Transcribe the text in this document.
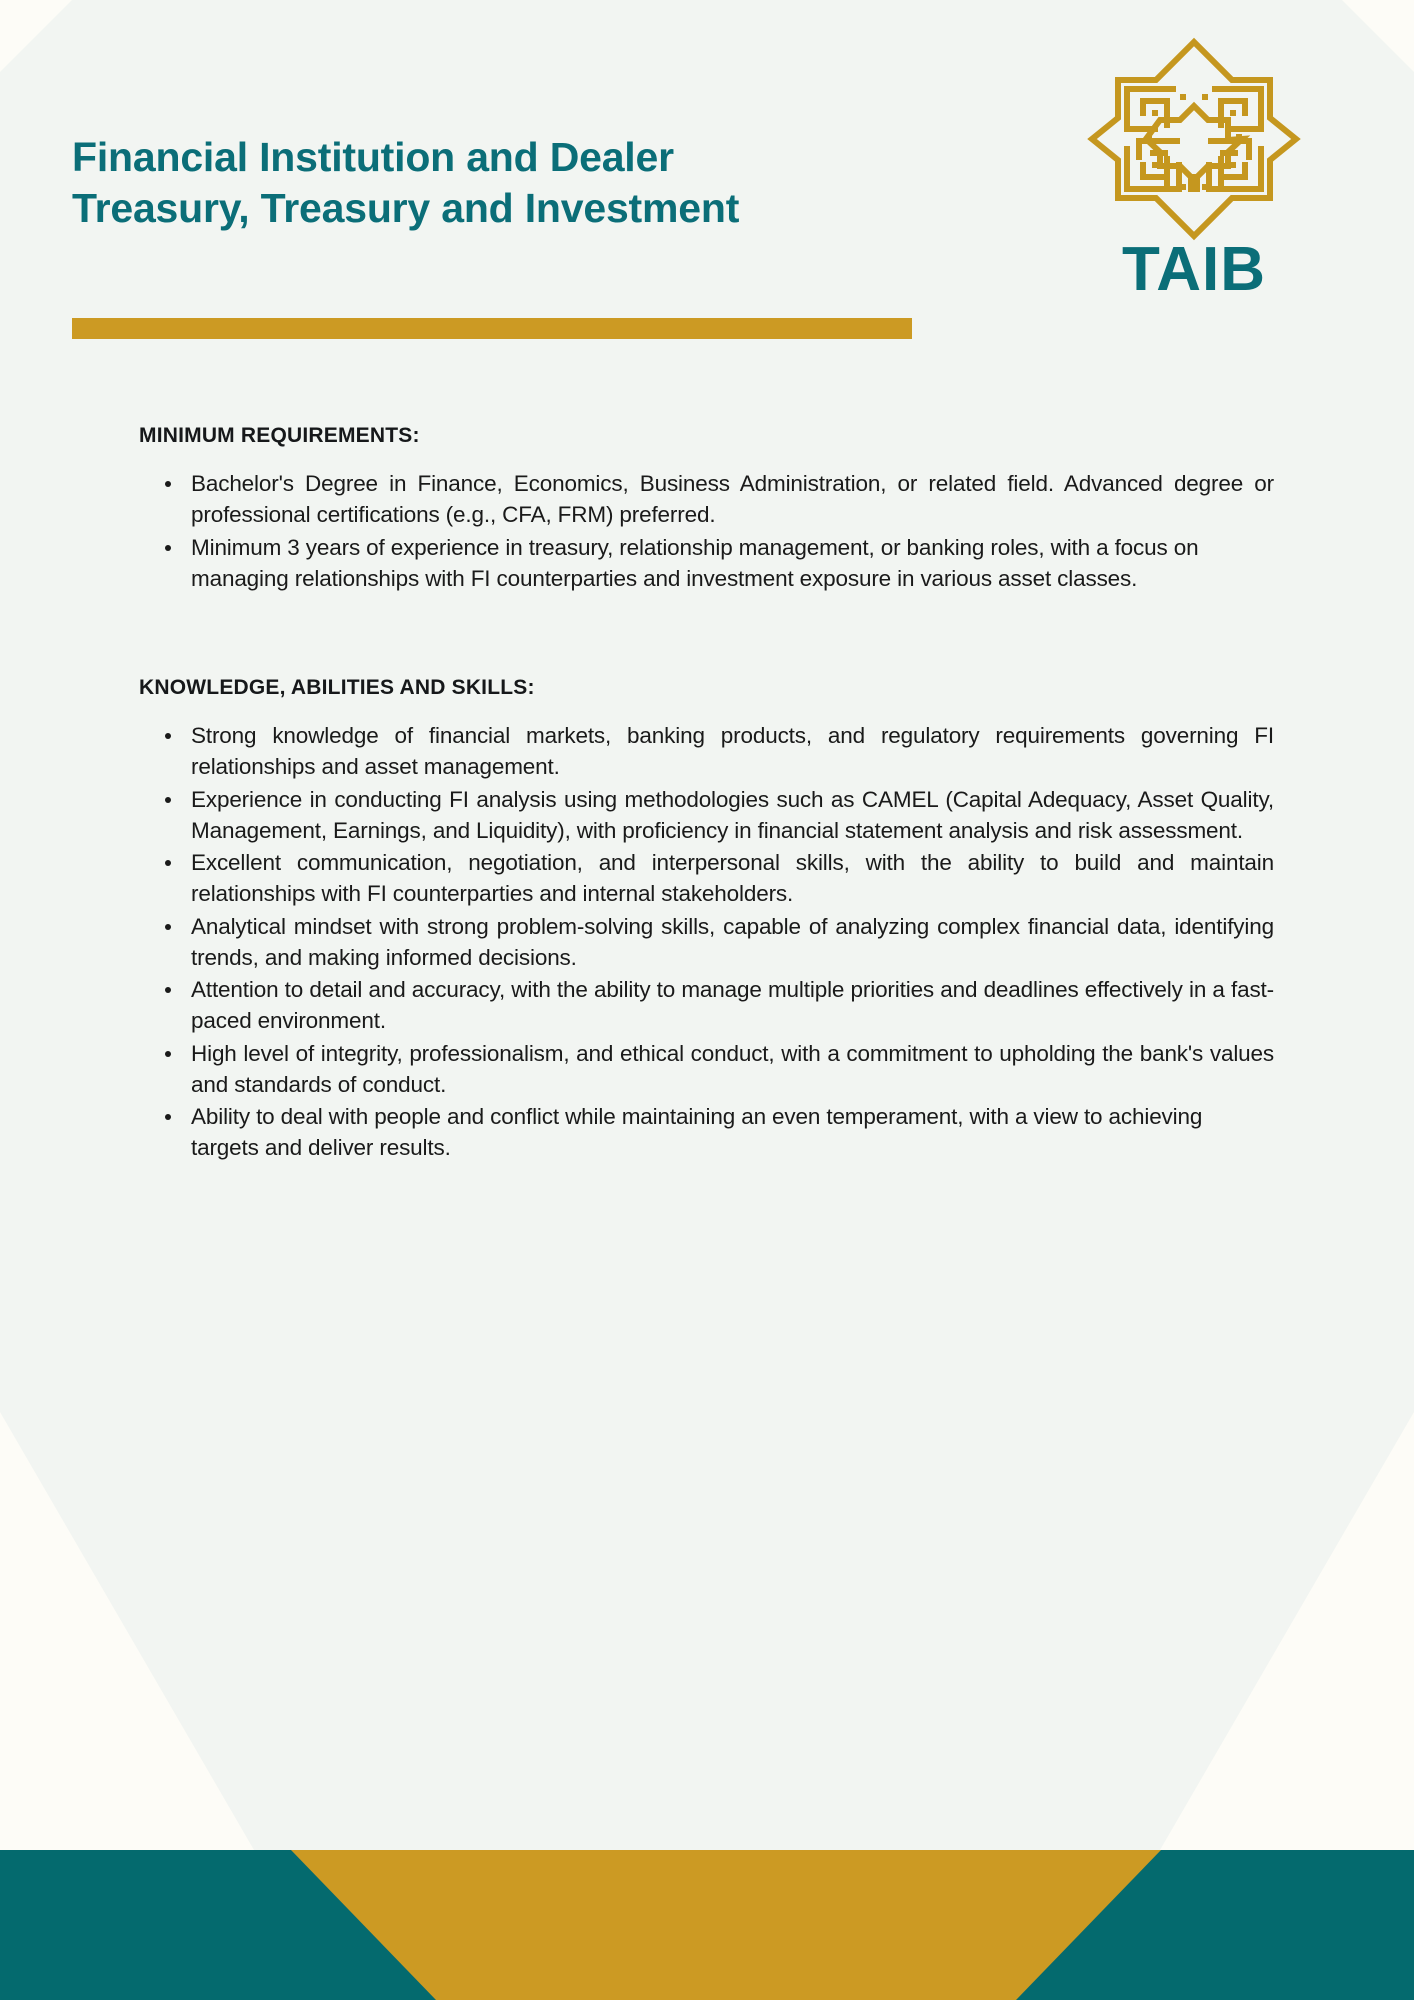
Financial Institution and Dealer
Treasury, Treasury and Investment
TAIB
MINIMUM REQUIREMENTS:
Bachelor's Degree in Finance, Economics, Business Administration, or related field. Advanced degree or professional certifications (e.g., CFA, FRM) preferred.
Minimum 3 years of experience in treasury, relationship management, or banking roles, with a focus on managing relationships with FI counterparties and investment exposure in various asset classes.
KNOWLEDGE, ABILITIES AND SKILLS:
Strong knowledge of financial markets, banking products, and regulatory requirements governing FI relationships and asset management.
Experience in conducting FI analysis using methodologies such as CAMEL (Capital Adequacy, Asset Quality, Management, Earnings, and Liquidity), with proficiency in financial statement analysis and risk assessment.
Excellent communication, negotiation, and interpersonal skills, with the ability to build and maintain relationships with FI counterparties and internal stakeholders.
Analytical mindset with strong problem-solving skills, capable of analyzing complex financial data, identifying trends, and making informed decisions.
Attention to detail and accuracy, with the ability to manage multiple priorities and deadlines effectively in a fast-paced environment.
High level of integrity, professionalism, and ethical conduct, with a commitment to upholding the bank's values and standards of conduct.
Ability to deal with people and conflict while maintaining an even temperament, with a view to achieving targets and deliver results.
